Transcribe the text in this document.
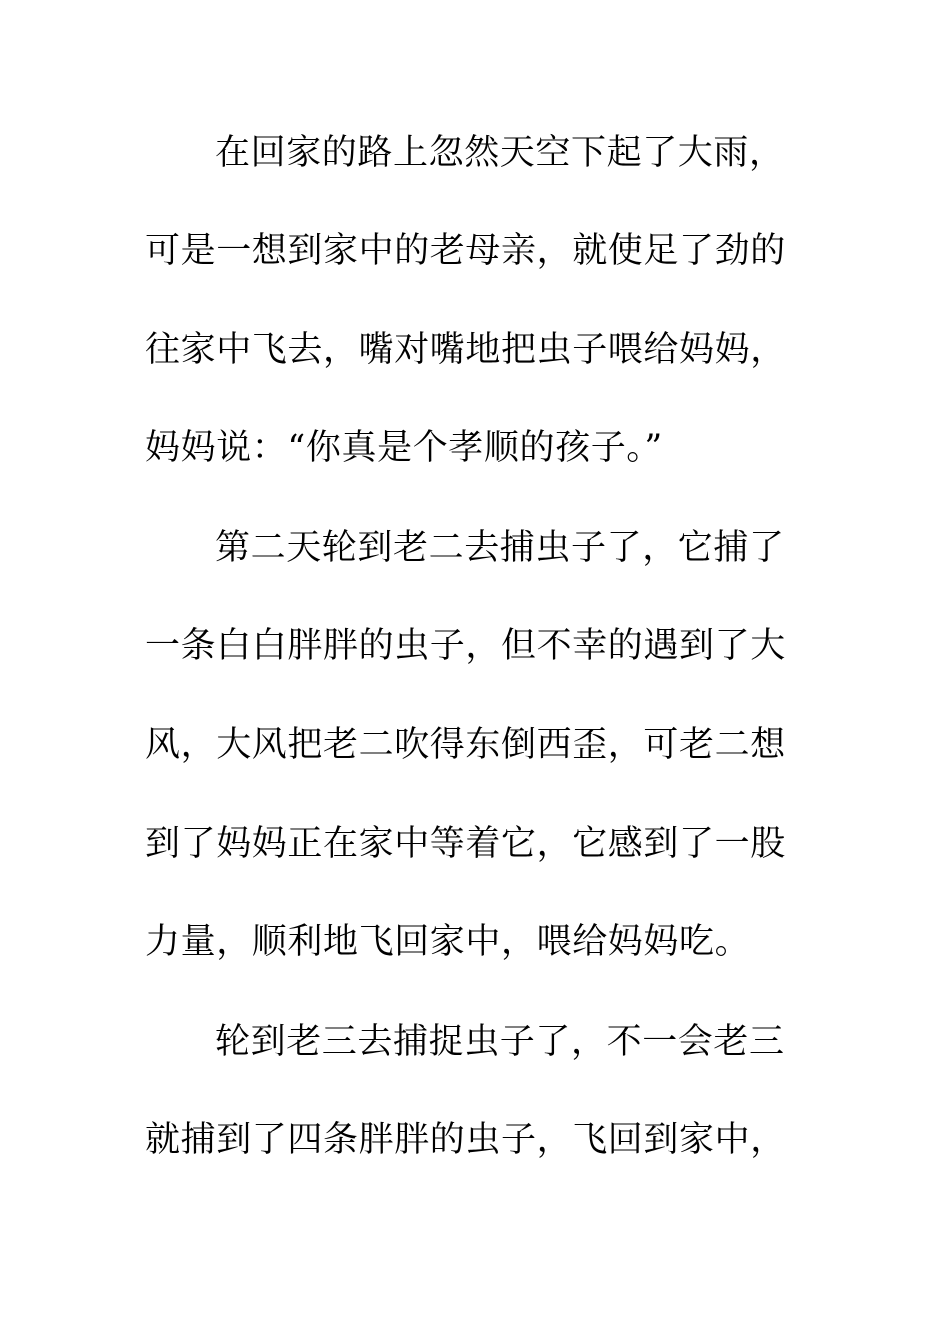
在回家的路上忽然天空下起了大雨，
可是一想到家中的老母亲，就使足了劲的
往家中飞去，嘴对嘴地把虫子喂给妈妈，
妈妈说：“你真是个孝顺的孩子。”
第二天轮到老二去捕虫子了，它捕了
一条白白胖胖的虫子，但不幸的遇到了大
风，大风把老二吹得东倒西歪，可老二想
到了妈妈正在家中等着它，它感到了一股
力量，顺利地飞回家中，喂给妈妈吃。
轮到老三去捕捉虫子了，不一会老三
就捕到了四条胖胖的虫子，飞回到家中，
